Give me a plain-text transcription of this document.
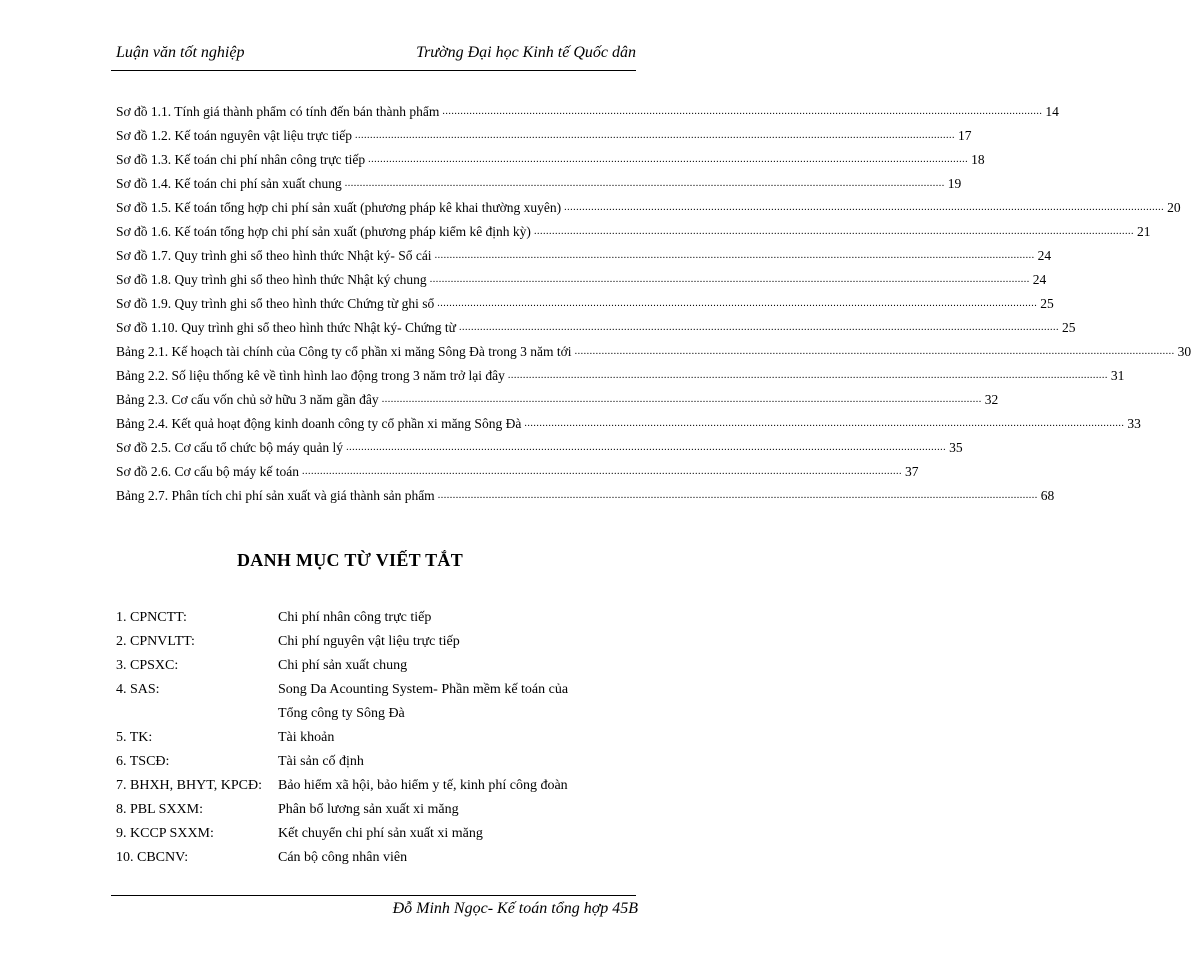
Luận văn tốt nghiệp	Trường Đại học Kinh tế Quốc dân
Sơ đồ 1.1. Tính giá thành phẩm có tính đến bán thành phẩm ........................................................................................................................................................................................................ 14
Sơ đồ 1.2. Kế toán nguyên vật liệu trực tiếp ........................................................................................................................................................................................................ 17
Sơ đồ 1.3. Kế toán chi phí nhân công trực tiếp ........................................................................................................................................................................................................ 18
Sơ đồ 1.4. Kế toán chi phí sản xuất chung ........................................................................................................................................................................................................ 19
Sơ đồ 1.5. Kế toán tổng hợp chi phí sản xuất (phương pháp kê khai thường xuyên) ........................................................................................................................................................................................................ 20
Sơ đồ 1.6. Kế toán tổng hợp chi phí sản xuất (phương pháp kiểm kê định kỳ) ........................................................................................................................................................................................................ 21
Sơ đồ 1.7. Quy trình ghi sổ theo hình thức Nhật ký- Sổ cái ........................................................................................................................................................................................................ 24
Sơ đồ 1.8. Quy trình ghi sổ theo hình thức Nhật ký chung ........................................................................................................................................................................................................ 24
Sơ đồ 1.9. Quy trình ghi sổ theo hình thức Chứng từ ghi sổ ........................................................................................................................................................................................................ 25
Sơ đồ 1.10. Quy trình ghi sổ theo hình thức Nhật ký- Chứng từ ........................................................................................................................................................................................................ 25
Bảng 2.1. Kế hoạch tài chính của Công ty cổ phần xi măng Sông Đà trong 3 năm tới ........................................................................................................................................................................................................ 30
Bảng 2.2. Số liệu thống kê về tình hình lao động trong 3 năm trở lại đây ........................................................................................................................................................................................................ 31
Bảng 2.3. Cơ cấu vốn chủ sở hữu 3 năm gần đây ........................................................................................................................................................................................................ 32
Bảng 2.4. Kết quả hoạt động kinh doanh công ty cổ phần xi măng Sông Đà ........................................................................................................................................................................................................ 33
Sơ đồ 2.5. Cơ cấu tổ chức bộ máy quản lý ........................................................................................................................................................................................................ 35
Sơ đồ 2.6. Cơ cấu bộ máy kế toán ........................................................................................................................................................................................................ 37
Bảng 2.7. Phân tích chi phí sản xuất và giá thành sản phẩm ........................................................................................................................................................................................................ 68
DANH MỤC TỪ VIẾT TẮT
1. CPNCTT:	Chi phí nhân công trực tiếp
2. CPNVLTT:	Chi phí nguyên vật liệu trực tiếp
3. CPSXC:	Chi phí sản xuất chung
4. SAS:	Song Da Acounting System- Phần mềm kế toán của
Tổng công ty Sông Đà
5. TK:	Tài khoản
6. TSCĐ:	Tài sản cố định
7. BHXH, BHYT, KPCĐ:	Bảo hiểm xã hội, bảo hiểm y tế, kinh phí công đoàn
8. PBL SXXM:	Phân bổ lương sản xuất xi măng
9. KCCP SXXM:	Kết chuyển chi phí sản xuất xi măng
10. CBCNV:	Cán bộ công nhân viên
Đỗ Minh Ngọc- Kế toán tổng hợp 45B
